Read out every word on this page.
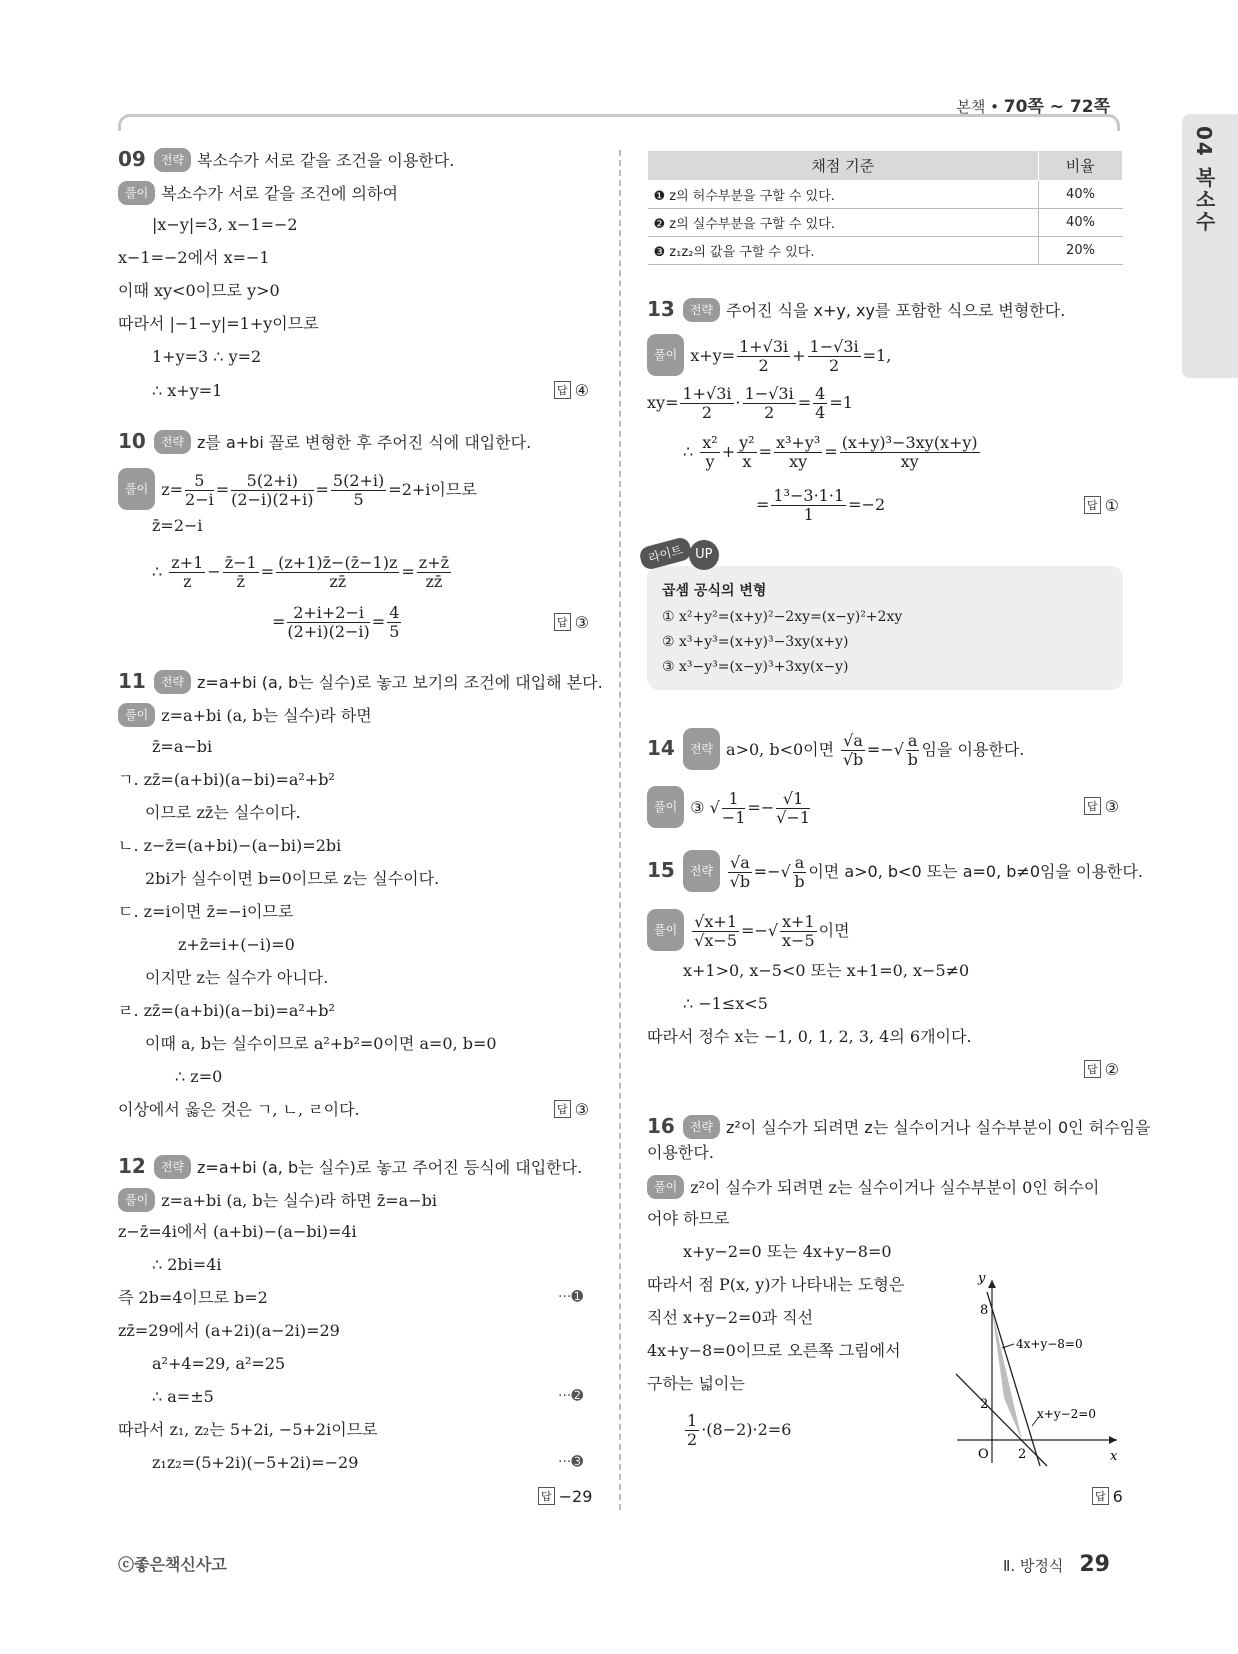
본책 • 70쪽 ~ 72쪽
04 복소수
09 전략 복소수가 서로 같을 조건을 이용한다.
풀이 복소수가 서로 같을 조건에 의하여
|x−y|=3, x−1=−2
x−1=−2에서 x=−1
이때 xy<0이므로 y>0
따라서 |−1−y|=1+y이므로
1+y=3 ∴ y=2
∴ x+y=1	답 ④
10 전략 z를 a+bi 꼴로 변형한 후 주어진 식에 대입한다.
풀이 $z= \frac{5}{2-i} = \frac{5(2+i)}{(2-i)(2+i)} = \frac{5(2+i)}{5} =2+i$이므로
z̄=2−i
∴ $\frac{z+1}{z} - \frac{z̄-1}{z̄} = \frac{(z+1)z̄-(z̄-1)z}{zz̄} = \frac{z+z̄}{zz̄}$
= $\frac{2+i+2-i}{(2+i)(2-i)} = \frac{4}{5}$	답 ③
11 전략 z=a+bi (a, b는 실수)로 놓고 보기의 조건에 대입해 본다.
풀이 z=a+bi (a, b는 실수)라 하면
z̄=a−bi
ㄱ. zz̄=(a+bi)(a−bi)=a²+b²
이므로 zz̄는 실수이다.
ㄴ. z−z̄=(a+bi)−(a−bi)=2bi
2bi가 실수이면 b=0이므로 z는 실수이다.
ㄷ. z=i이면 z̄=−i이므로
z+z̄=i+(−i)=0
이지만 z는 실수가 아니다.
ㄹ. zz̄=(a+bi)(a−bi)=a²+b²
이때 a, b는 실수이므로 a²+b²=0이면 a=0, b=0
∴ z=0
이상에서 옳은 것은 ㄱ, ㄴ, ㄹ이다.	답 ③
12 전략 z=a+bi (a, b는 실수)로 놓고 주어진 등식에 대입한다.
풀이 z=a+bi (a, b는 실수)라 하면 z̄=a−bi
z−z̄=4i에서 (a+bi)−(a−bi)=4i
∴ 2bi=4i
즉 2b=4이므로 b=2	···➊
zz̄=29에서 (a+2i)(a−2i)=29
a²+4=29, a²=25
∴ a=±5	···➋
따라서 z₁, z₂는 5+2i, −5+2i이므로
z₁z₂=(5+2i)(−5+2i)=−29	···➌
답 −29
채점 기준	비율
❶ z의 허수부분을 구할 수 있다.	40%
❷ z의 실수부분을 구할 수 있다.	40%
❸ z₁z₂의 값을 구할 수 있다.	20%
13 전략 주어진 식을 x+y, xy를 포함한 식으로 변형한다.
풀이 $x+y= \frac{1+√3i}{2} + \frac{1-√3i}{2} =1$,
$xy= \frac{1+√3i}{2} \cdot \frac{1-√3i}{2} = \frac{4}{4} =1$
∴ $\frac{\text{x²}}{y} + \frac{\text{y²}}{x} = \frac{\text{x³+y³}}{xy} = \frac{\text{(x+y)³−3xy(x+y)}}{xy}$
= $\frac{\text{1³−3·1·1}}{1} =-2$	답 ①
라이트 UP
곱셈 공식의 변형
① x²+y²=(x+y)²−2xy=(x−y)²+2xy
② x³+y³=(x+y)³−3xy(x+y)
③ x³−y³=(x−y)³+3xy(x−y)
14 전략 a>0, b<0이면 $\frac{√a}{√b}$ =−√ $\frac{a}{b}$ 임을 이용한다.
풀이 ③ √ $\frac{1}{-1} =- \frac{√1}{√-1}$	답 ③
15 전략 $\frac{√a}{√b}$ =−√ $\frac{a}{b}$ 이면 a>0, b<0 또는 a=0, b≠0임을 이용한다.
풀이 $\frac{√x+1}{√x-5}$ =−√ $\frac{x+1}{x-5}$ 이면
x+1>0, x−5<0 또는 x+1=0, x−5≠0
∴ −1≤x<5
따라서 정수 x는 −1, 0, 1, 2, 3, 4의 6개이다.
답 ②
16 전략 z²이 실수가 되려면 z는 실수이거나 실수부분이 0인 허수임을
이용한다.
풀이 z²이 실수가 되려면 z는 실수이거나 실수부분이 0인 허수이
어야 하므로
x+y−2=0 또는 4x+y−8=0
따라서 점 P(x, y)가 나타내는 도형은
직선 x+y−2=0과 직선
4x+y−8=0이므로 오른쪽 그림에서
구하는 넓이는
$\frac{1}{2} \cdot(8-2)\cdot 2=6$
답 6
y
x
O
8
2
2
4x+y−8=0
x+y−2=0
ⓒ좋은책신사고	Ⅱ. 방정식 29
